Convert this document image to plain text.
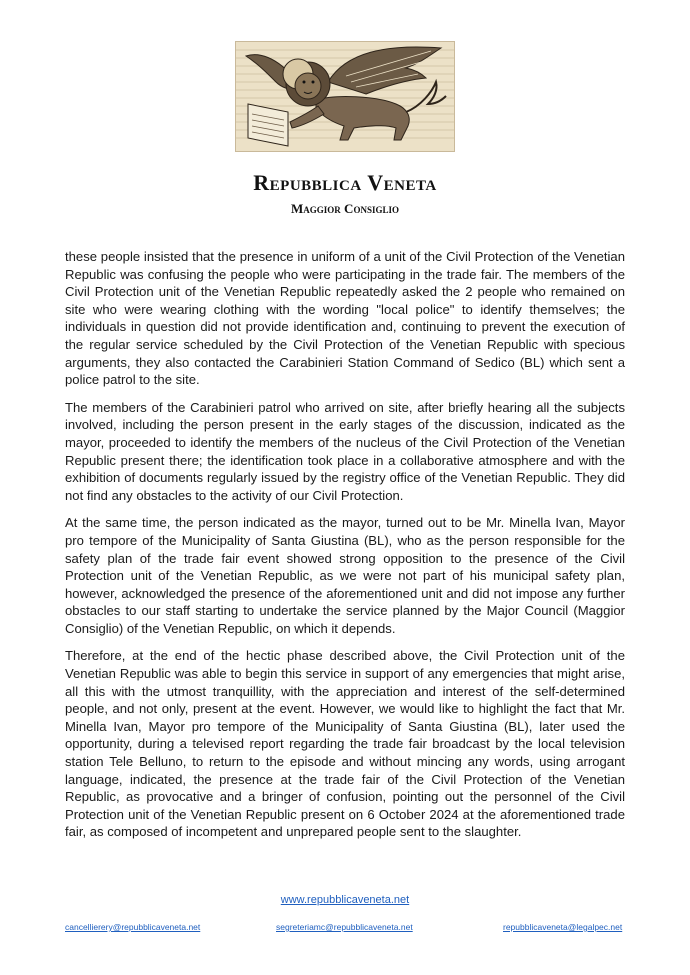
Repubblica Veneta
Maggior Consiglio

these people insisted that the presence in uniform of a unit of the Civil Protection of the Venetian Republic was confusing the people who were participating in the trade fair. The members of the Civil Protection unit of the Venetian Republic repeatedly asked the 2 people who remained on site who were wearing clothing with the wording "local police" to identify themselves; the individuals in question did not provide identification and, continuing to prevent the execution of the regular service scheduled by the Civil Protection of the Venetian Republic with specious arguments, they also contacted the Carabinieri Station Command of Sedico (BL) which sent a police patrol to the site.

The members of the Carabinieri patrol who arrived on site, after briefly hearing all the subjects involved, including the person present in the early stages of the discussion, indicated as the mayor, proceeded to identify the members of the nucleus of the Civil Protection of the Venetian Republic present there; the identification took place in a collaborative atmosphere and with the exhibition of documents regularly issued by the registry office of the Venetian Republic. They did not find any obstacles to the activity of our Civil Protection.

At the same time, the person indicated as the mayor, turned out to be Mr. Minella Ivan, Mayor pro tempore of the Municipality of Santa Giustina (BL), who as the person responsible for the safety plan of the trade fair event showed strong opposition to the presence of the Civil Protection unit of the Venetian Republic, as we were not part of his municipal safety plan, however, acknowledged the presence of the aforementioned unit and did not impose any further obstacles to our staff starting to undertake the service planned by the Major Council (Maggior Consiglio) of the Venetian Republic, on which it depends.

Therefore, at the end of the hectic phase described above, the Civil Protection unit of the Venetian Republic was able to begin this service in support of any emergencies that might arise, all this with the utmost tranquillity, with the appreciation and interest of the self-determined people, and not only, present at the event. However, we would like to highlight the fact that Mr. Minella Ivan, Mayor pro tempore of the Municipality of Santa Giustina (BL), later used the opportunity, during a televised report regarding the trade fair broadcast by the local television station Tele Belluno, to return to the episode and without mincing any words, using arrogant language, indicated, the presence at the trade fair of the Civil Protection of the Venetian Republic, as provocative and a bringer of confusion, pointing out the personnel of the Civil Protection unit of the Venetian Republic present on 6 October 2024 at the aforementioned trade fair, as composed of incompetent and unprepared people sent to the slaughter.

www.repubblicaveneta.net
cancellierery@repubblicaveneta.net	segreteriamc@repubblicaveneta.net	repubblicaveneta@legalpec.net
